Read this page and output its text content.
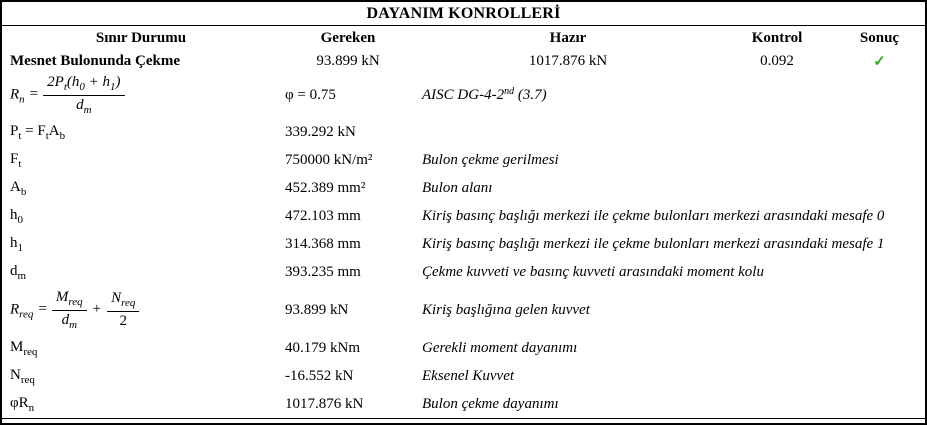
DAYANIM KONROLLERİ
Sınır Durumu	Gereken	Hazır	Kontrol	Sonuç
Mesnet Bulonunda Çekme	93.899 kN	1017.876 kN	0.092	✓
$R_n = \frac{2P_t(h_0 + h_1)}{d_m}$	φ = 0.75	AISC DG-4-2nd (3.7)
$P_t = F_tA_b$	339.292 kN
$F_t$	750000 kN/m²	Bulon çekme gerilmesi
$A_b$	452.389 mm²	Bulon alanı
$h_0$	472.103 mm	Kiriş basınç başlığı merkezi ile çekme bulonları merkezi arasındaki mesafe 0
$h_1$	314.368 mm	Kiriş basınç başlığı merkezi ile çekme bulonları merkezi arasındaki mesafe 1
$d_m$	393.235 mm	Çekme kuvveti ve basınç kuvveti arasındaki moment kolu
$R_{req} = \frac{M_{req}}{d_m} + \frac{N_{req}}{2}$	93.899 kN	Kiriş başlığına gelen kuvvet
$M_{req}$	40.179 kNm	Gerekli moment dayanımı
$N_{req}$	-16.552 kN	Eksenel Kuvvet
$\varphi R_n$	1017.876 kN	Bulon çekme dayanımı
